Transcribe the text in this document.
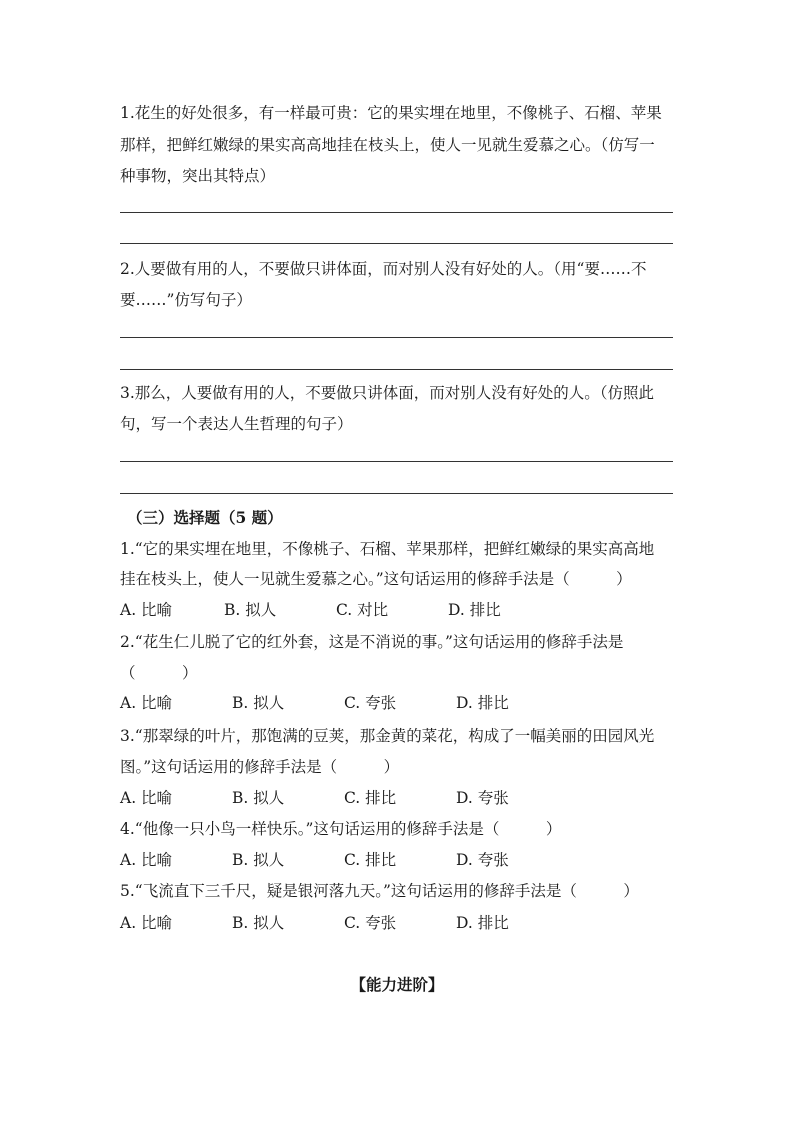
1.花生的好处很多，有一样最可贵：它的果实埋在地里，不像桃子、石榴、苹果
那样，把鲜红嫩绿的果实高高地挂在枝头上，使人一见就生爱慕之心。（仿写一
种事物，突出其特点）
2.人要做有用的人，不要做只讲体面，而对别人没有好处的人。（用“要……不
要……”仿写句子）
3.那么，人要做有用的人，不要做只讲体面，而对别人没有好处的人。（仿照此
句，写一个表达人生哲理的句子）
（三）选择题（5 题）
1.“它的果实埋在地里，不像桃子、石榴、苹果那样，把鲜红嫩绿的果实高高地
挂在枝头上，使人一见就生爱慕之心。”这句话运用的修辞手法是（　　　）
A. 比喻	B. 拟人	C. 对比	D. 排比
2.“花生仁儿脱了它的红外套，这是不消说的事。”这句话运用的修辞手法是
（　　　）
A. 比喻	B. 拟人	C. 夸张	D. 排比
3.“那翠绿的叶片，那饱满的豆荚，那金黄的菜花，构成了一幅美丽的田园风光
图。”这句话运用的修辞手法是（　　　）
A. 比喻	B. 拟人	C. 排比	D. 夸张
4.“他像一只小鸟一样快乐。”这句话运用的修辞手法是（　　　）
A. 比喻	B. 拟人	C. 排比	D. 夸张
5.“飞流直下三千尺，疑是银河落九天。”这句话运用的修辞手法是（　　　）
A. 比喻	B. 拟人	C. 夸张	D. 排比
【能力进阶】
